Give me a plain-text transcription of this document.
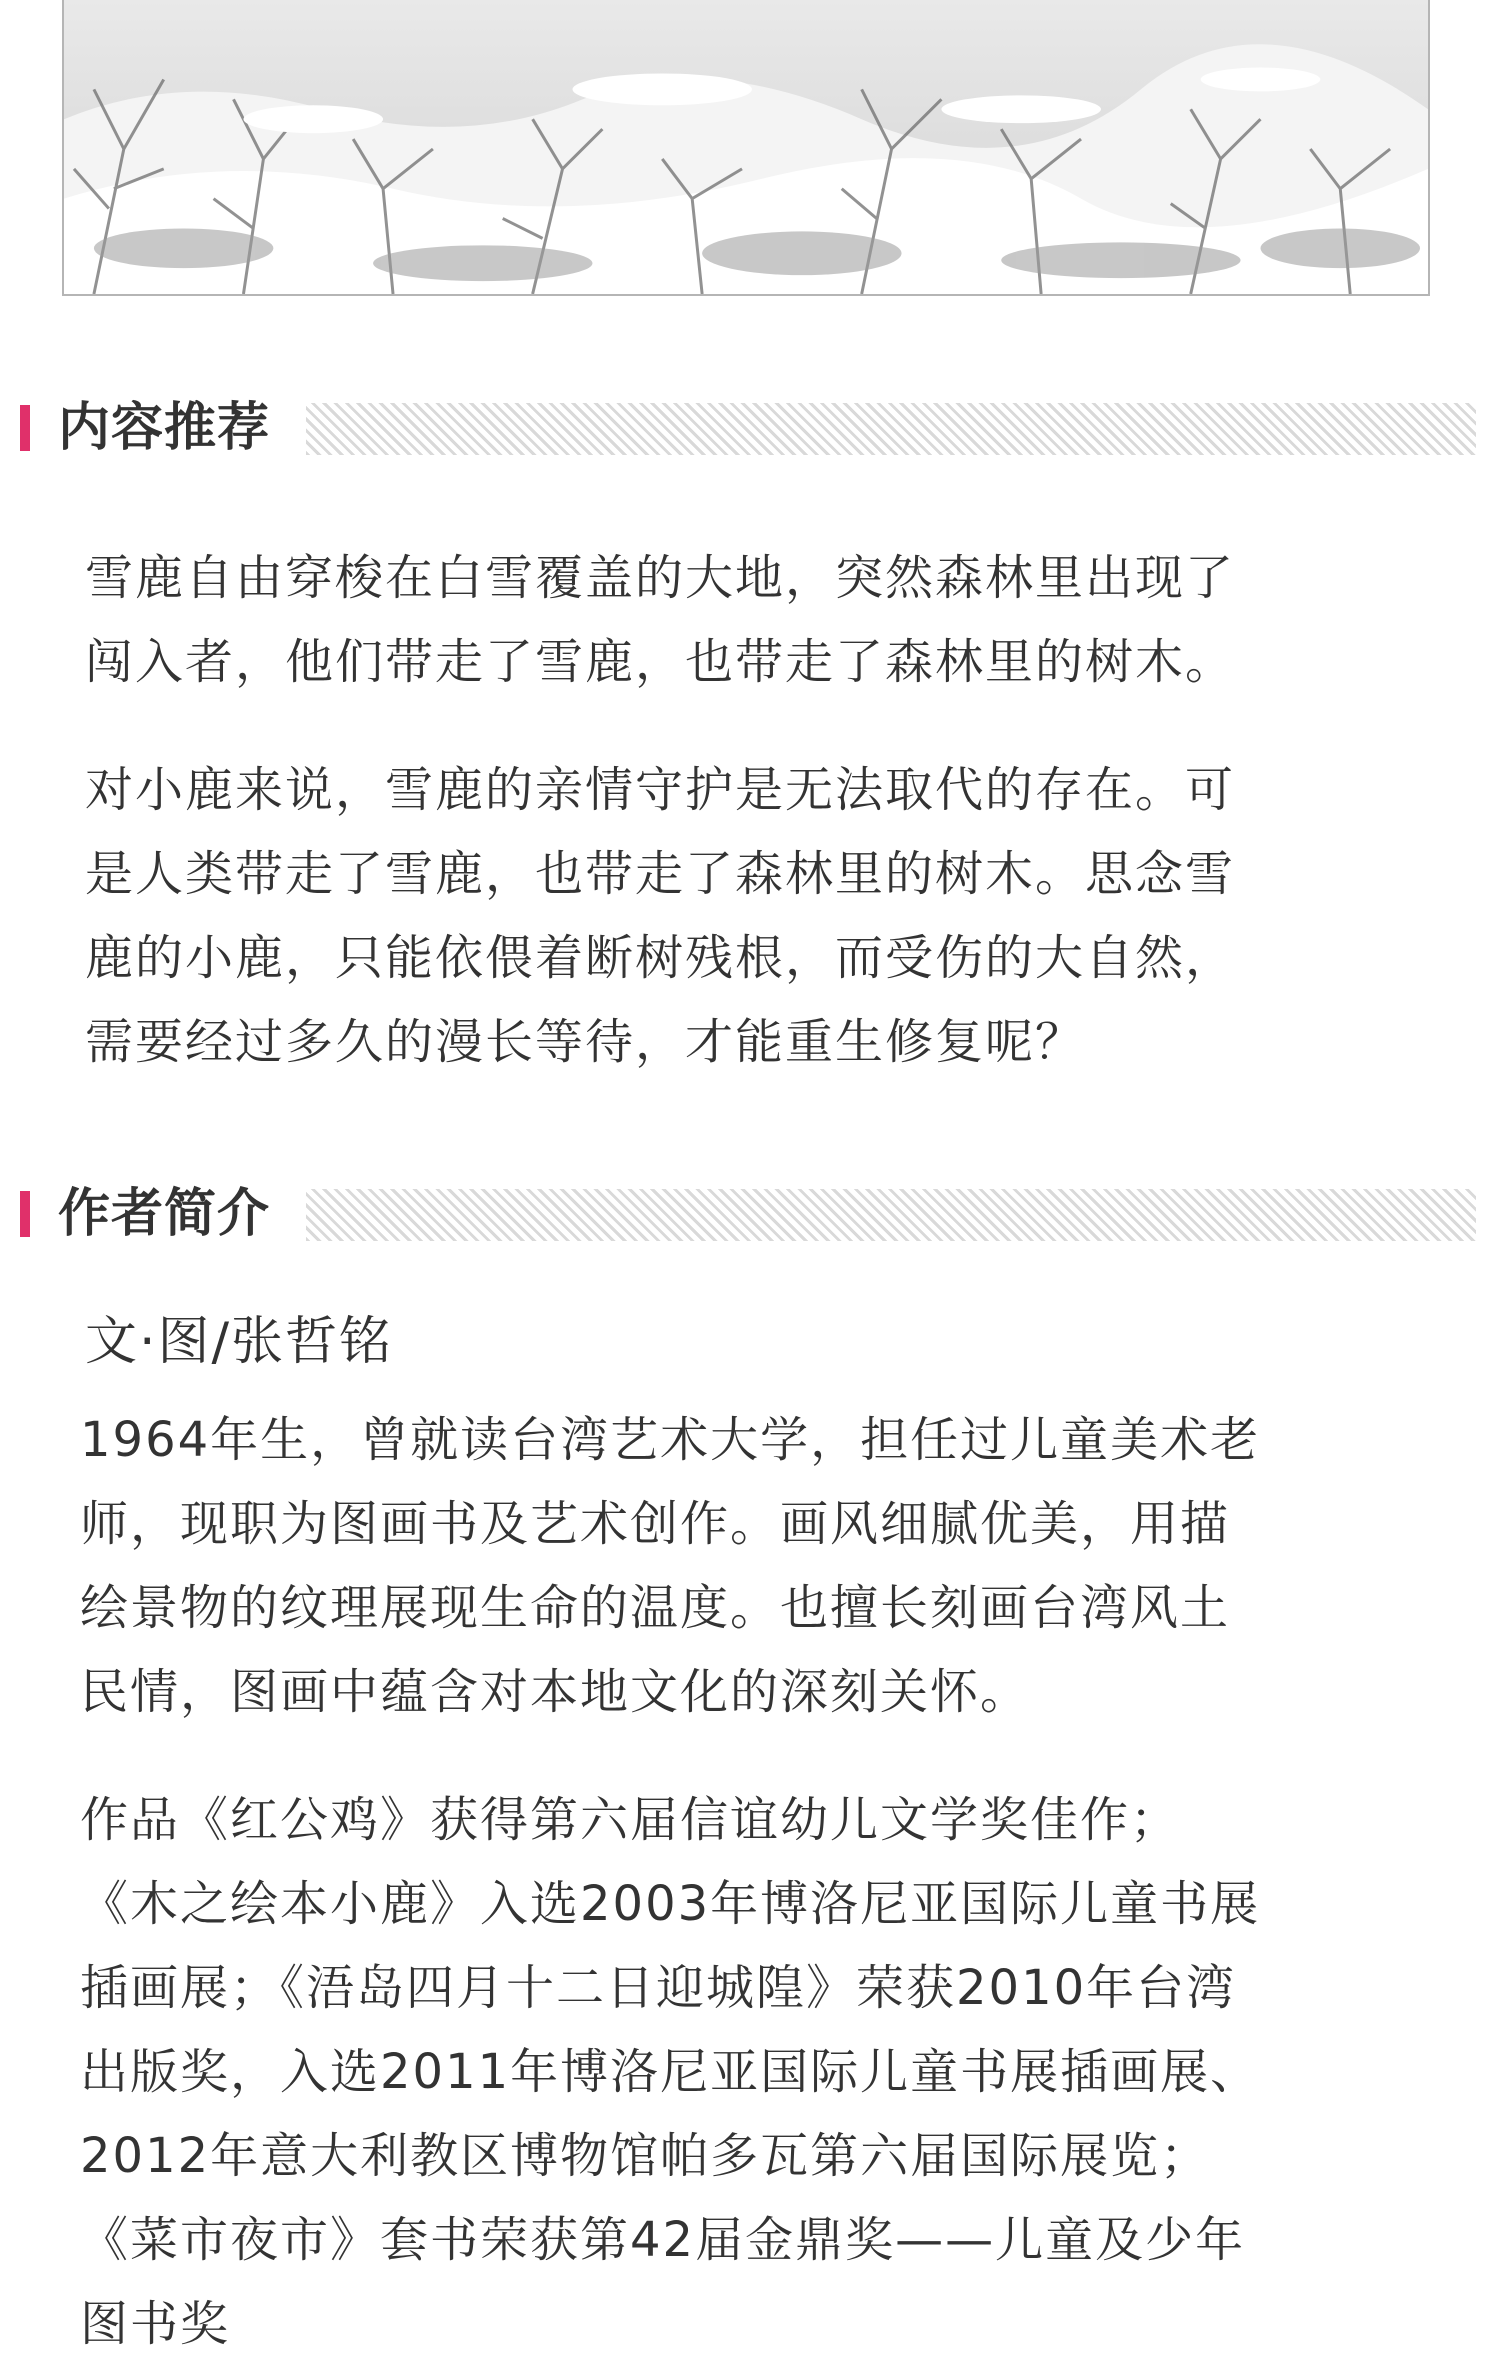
内容推荐

雪鹿自由穿梭在白雪覆盖的大地，突然森林里出现了
闯入者，他们带走了雪鹿，也带走了森林里的树木。

对小鹿来说，雪鹿的亲情守护是无法取代的存在。可
是人类带走了雪鹿，也带走了森林里的树木。思念雪
鹿的小鹿，只能依偎着断树残根，而受伤的大自然，
需要经过多久的漫长等待，才能重生修复呢？

作者简介

文·图/张哲铭

1964年生，曾就读台湾艺术大学，担任过儿童美术老
师，现职为图画书及艺术创作。画风细腻优美，用描
绘景物的纹理展现生命的温度。也擅长刻画台湾风土
民情，图画中蕴含对本地文化的深刻关怀。

作品《红公鸡》获得第六届信谊幼儿文学奖佳作；
《木之绘本小鹿》入选2003年博洛尼亚国际儿童书展
插画展；《浯岛四月十二日迎城隍》荣获2010年台湾
出版奖，入选2011年博洛尼亚国际儿童书展插画展、
2012年意大利教区博物馆帕多瓦第六届国际展览；
《菜市夜市》套书荣获第42届金鼎奖——儿童及少年
图书奖
